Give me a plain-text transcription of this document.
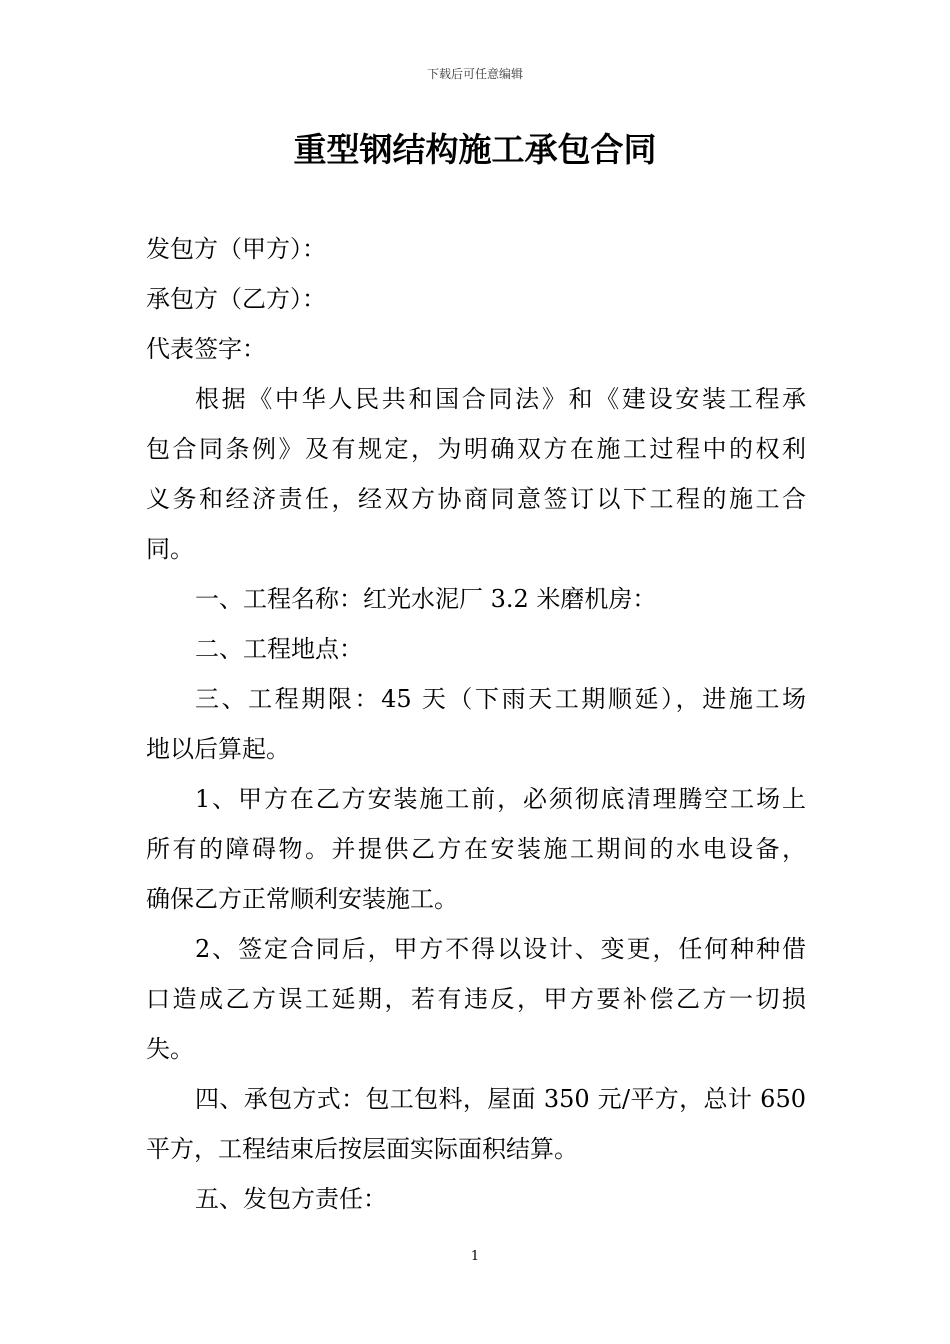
下载后可任意编辑
重型钢结构施工承包合同

发包方（甲方）：

承包方（乙方）：

代表签字：

根据《中华人民共和国合同法》和《建设安装工程承

包合同条例》及有规定，为明确双方在施工过程中的权利

义务和经济责任，经双方协商同意签订以下工程的施工合

同。

一、工程名称：红光水泥厂 3.2 米磨机房：

二、工程地点：

三、工程期限：45 天（下雨天工期顺延），进施工场

地以后算起。

1、甲方在乙方安装施工前，必须彻底清理腾空工场上

所有的障碍物。并提供乙方在安装施工期间的水电设备，

确保乙方正常顺利安装施工。

2、签定合同后，甲方不得以设计、变更，任何种种借

口造成乙方误工延期，若有违反，甲方要补偿乙方一切损

失。

四、承包方式：包工包料，屋面 350 元/平方，总计 650

平方，工程结束后按层面实际面积结算。

五、发包方责任：

1
